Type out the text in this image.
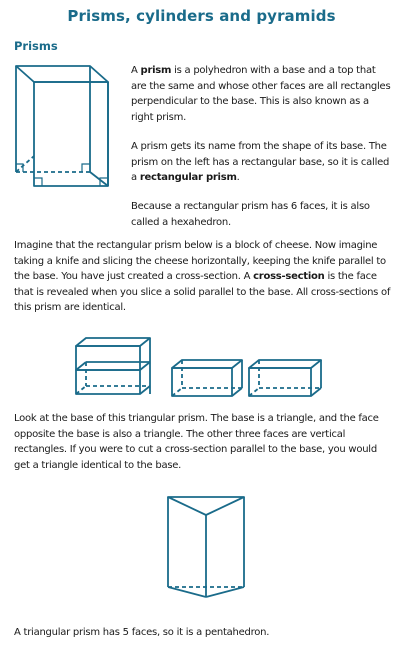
Prisms, cylinders and pyramids
Prisms

A prism is a polyhedron with a base and a top that are the same and whose other faces are all rectangles perpendicular to the base. This is also known as a right prism.

A prism gets its name from the shape of its base. The prism on the left has a rectangular base, so it is called a rectangular prism.

Because a rectangular prism has 6 faces, it is also called a hexahedron.

Imagine that the rectangular prism below is a block of cheese. Now imagine taking a knife and slicing the cheese horizontally, keeping the knife parallel to the base. You have just created a cross-section. A cross-section is the face that is revealed when you slice a solid parallel to the base. All cross-sections of this prism are identical.

Look at the base of this triangular prism. The base is a triangle, and the face opposite the base is also a triangle. The other three faces are vertical rectangles. If you were to cut a cross-section parallel to the base, you would get a triangle identical to the base.

A triangular prism has 5 faces, so it is a pentahedron.
